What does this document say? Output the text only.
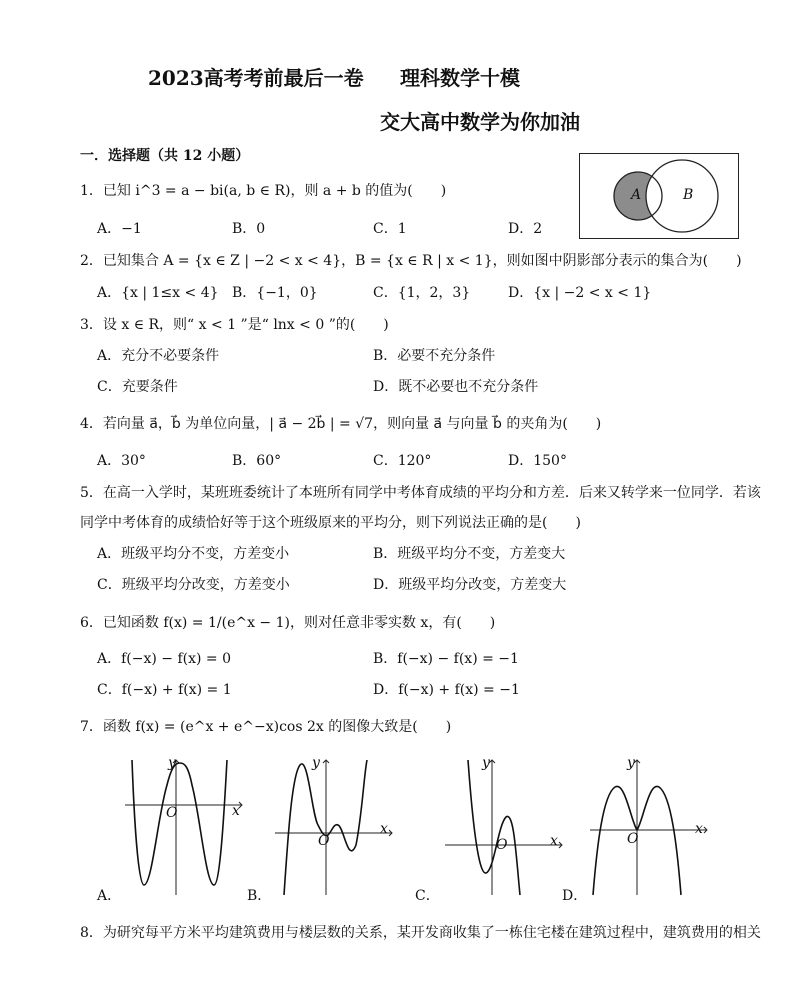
2023高考考前最后一卷 理科数学十模
交大高中数学为你加油
一．选择题（共 12 小题）
A	B
1．已知 i^3 = a − bi(a, b ∈ R)，则 a + b 的值为(　　)
A．−1	B．0	C．1	D．2
2．已知集合 A = {x ∈ Z | −2 < x < 4}，B = {x ∈ R | x < 1}，则如图中阴影部分表示的集合为(　　)
A．{x | 1≤x < 4} B．{−1，0}	C．{1，2，3}	D．{x | −2 < x < 1}
3．设 x ∈ R，则“ x < 1 ”是“ lnx < 0 ”的(　　)
A．充分不必要条件	B．必要不充分条件
C．充要条件	D．既不必要也不充分条件
4．若向量 a⃗，b⃗ 为单位向量，| a⃗ − 2b⃗ | = √7，则向量 a⃗ 与向量 b⃗ 的夹角为(　　)
A．30°	B．60°	C．120°	D．150°
5．在高一入学时，某班班委统计了本班所有同学中考体育成绩的平均分和方差．后来又转学来一位同学．若该
同学中考体育的成绩恰好等于这个班级原来的平均分，则下列说法正确的是(　　)
A．班级平均分不变，方差变小	B．班级平均分不变，方差变大
C．班级平均分改变，方差变小	D．班级平均分改变，方差变大
6．已知函数 f(x) = 1/(e^x − 1)，则对任意非零实数 x，有(　　)
A．f(−x) − f(x) = 0	B．f(−x) − f(x) = −1
C．f(−x) + f(x) = 1	D．f(−x) + f(x) = −1
7．函数 f(x) = (e^x + e^−x)cos 2x 的图像大致是(　　)
y
x
O
A．
y
x
O
B．
y
x
O
C．
y
x
O
D．
8．为研究每平方米平均建筑费用与楼层数的关系，某开发商收集了一栋住宅楼在建筑过程中，建筑费用的相关
